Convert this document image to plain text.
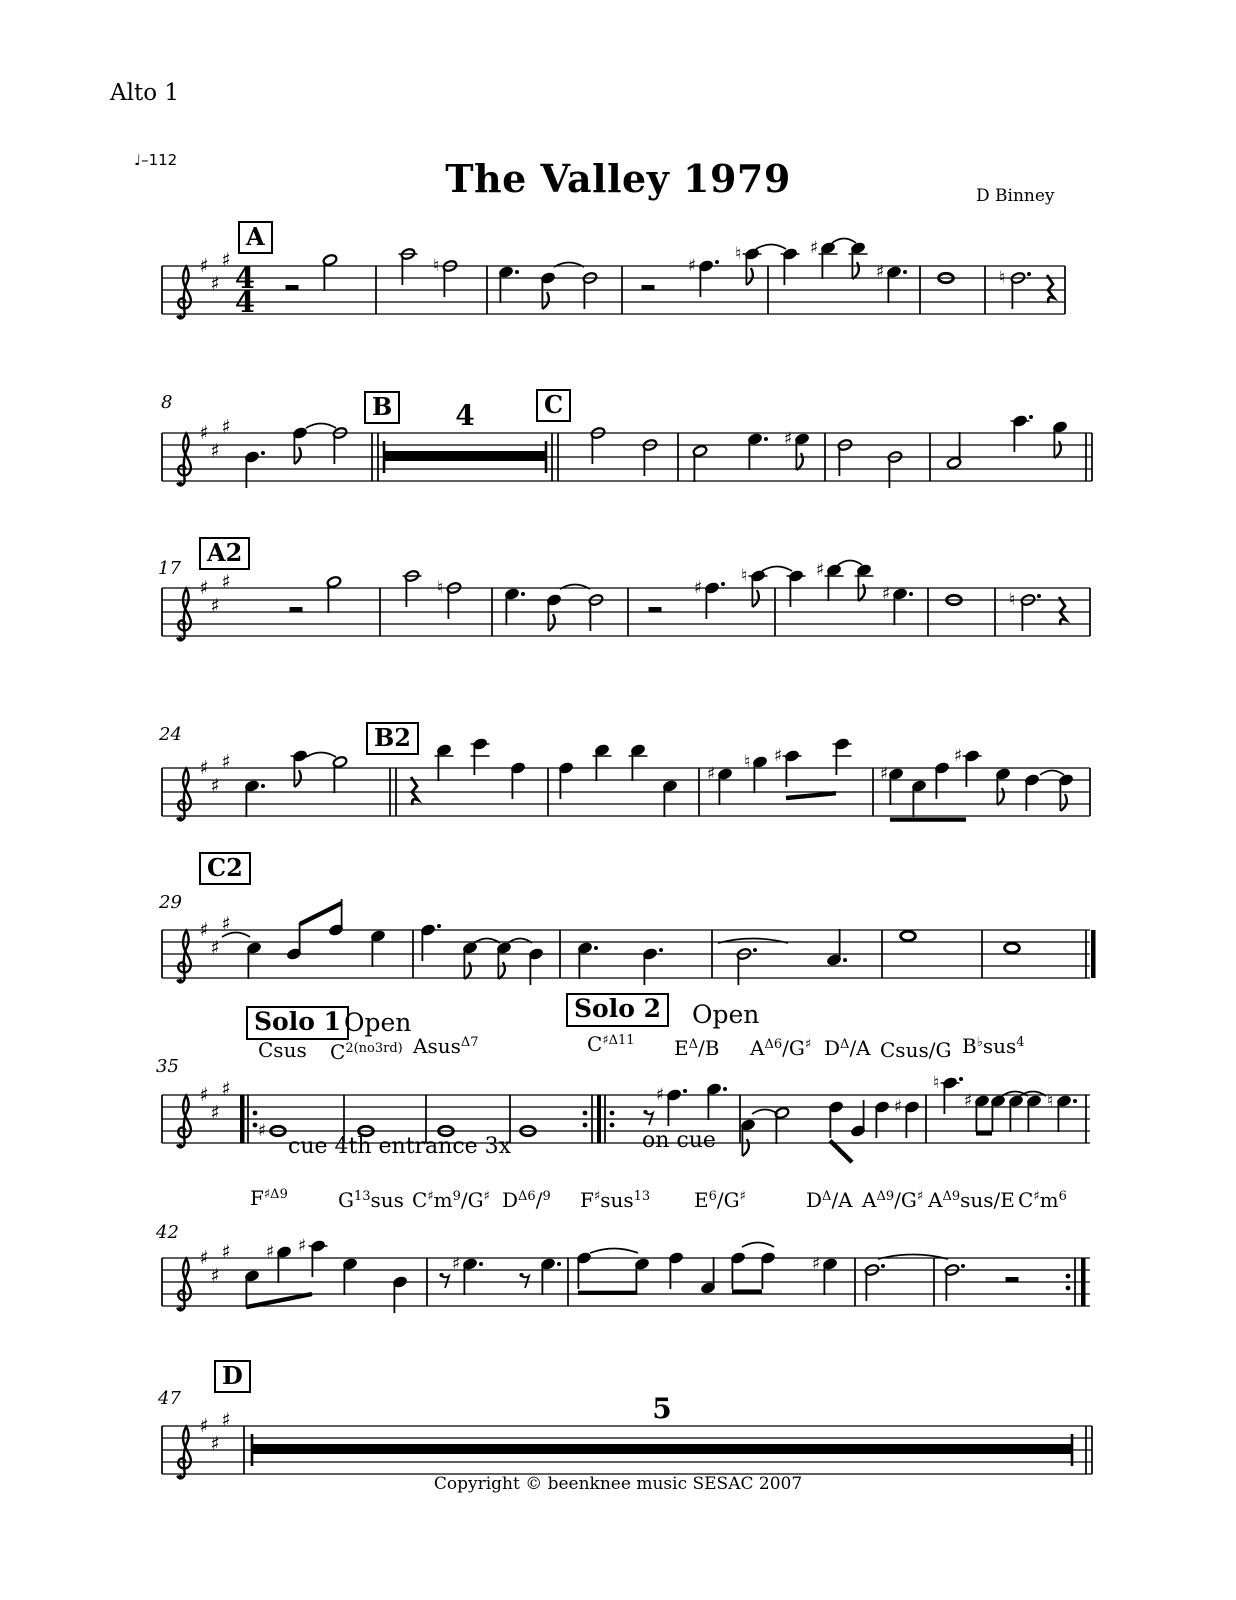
Alto 1
♩–112	The Valley 1979	D Binney
♯
♯
♯
4
4
♮	♯
♮	♯
♯	♮
♯
♯
♯	4
♯
♯
♯
♯	♮	♯
♮	♯
♯	♮
♯
♯
♯
♯
♮ ♯
♯
♯
♯
♯
♯
♯
♯
♯
♯
♯
♯
♮
♯	♮
♯
♯
♯ ♯ ♯
♯	♯
♯
♯
♯	5
A
B	C
A2
B2
C2
Solo 1	Solo 2
D
8
17
24
29
35
42
47
Csus $C^{2(no3rd)}$ Asus$^{\Delta 7}$	$C^{♯\Delta 11}$ $E^\Delta/B$ $A^{\Delta 6}/G^♯$ $D^\Delta/A$ Csus/G B♭sus$^4$
$F^{♯\Delta 9}$	$G^{13}sus$ $C^♯m^9/G^♯$ $D^{\Delta 6}/^9$ F♯sus$^{13}$ $E^6/G^♯$	$D^\Delta/A$ $A^{\Delta 9}/G^♯$ $A^{\Delta 9}sus/E$ $C^♯m^6$
Open	Open
cue 4th entrance 3x	on cue
Copyright © beenknee music SESAC 2007
